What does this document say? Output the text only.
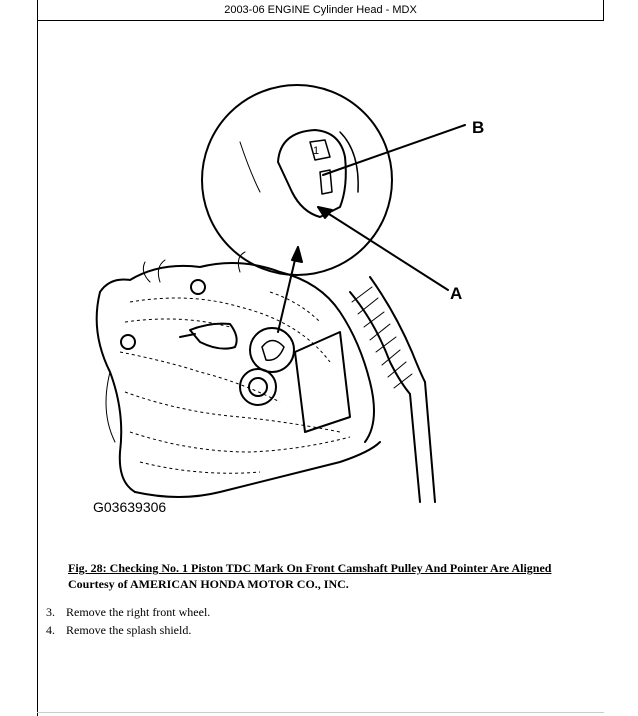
2003-06 ENGINE Cylinder Head - MDX
B
A
1
G03639306
Fig. 28: Checking No. 1 Piston TDC Mark On Front Camshaft Pulley And Pointer Are Aligned
Courtesy of AMERICAN HONDA MOTOR CO., INC.
3. Remove the right front wheel.
4. Remove the splash shield.
